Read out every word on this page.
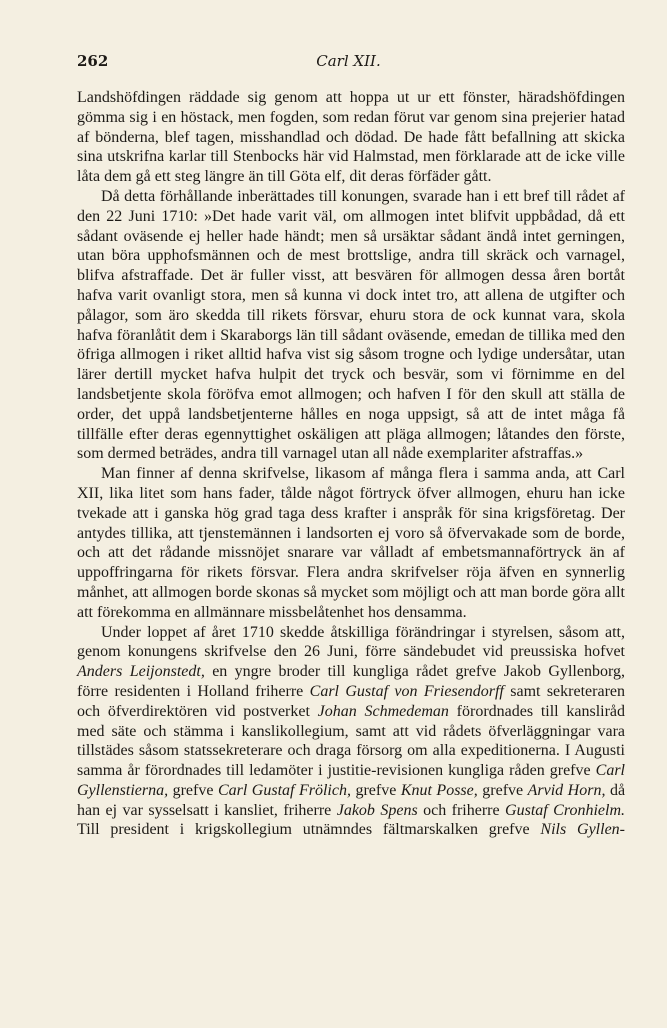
262	Carl XII.

Landshöfdingen räddade sig genom att hoppa ut ur ett fönster, häradshöfdingen gömma sig i en höstack, men fogden, som redan förut var genom sina prejerier hatad af bönderna, blef tagen, misshandlad och dödad. De hade fått befallning att skicka sina utskrifna karlar till Stenbocks här vid Halmstad, men förklarade att de icke ville låta dem gå ett steg längre än till Göta elf, dit deras förfäder gått.

Då detta förhållande inberättades till konungen, svarade han i ett bref till rådet af den 22 Juni 1710: »Det hade varit väl, om allmogen intet blifvit uppbådad, då ett sådant oväsende ej heller hade händt; men så ursäktar sådant ändå intet gerningen, utan böra upphofsmännen och de mest brottslige, andra till skräck och varnagel, blifva afstraffade. Det är fuller visst, att besvären för allmogen dessa åren bortåt hafva varit ovanligt stora, men så kunna vi dock intet tro, att allena de utgifter och pålagor, som äro skedda till rikets försvar, ehuru stora de ock kunnat vara, skola hafva föranlåtit dem i Skaraborgs län till sådant oväsende, emedan de tillika med den öfriga allmogen i riket alltid hafva vist sig såsom trogne och lydige undersåtar, utan lärer dertill mycket hafva hulpit det tryck och besvär, som vi förnimme en del landsbetjente skola föröfva emot allmogen; och hafven I för den skull att ställa de order, det uppå landsbetjenterne hålles en noga uppsigt, så att de intet måga få tillfälle efter deras egennyttighet oskäligen att pläga allmogen; låtandes den förste, som dermed beträdes, andra till varnagel utan all nåde exemplariter afstraffas.»

Man finner af denna skrifvelse, likasom af många flera i samma anda, att Carl XII, lika litet som hans fader, tålde något förtryck öfver allmogen, ehuru han icke tvekade att i ganska hög grad taga dess krafter i anspråk för sina krigsföretag. Der antydes tillika, att tjenstemännen i landsorten ej voro så öfvervakade som de borde, och att det rådande missnöjet snarare var vålladt af embetsmannaförtryck än af uppoffringarna för rikets försvar. Flera andra skrifvelser röja äfven en synnerlig månhet, att allmogen borde skonas så mycket som möjligt och att man borde göra allt att förekomma en allmännare missbelåtenhet hos densamma.

Under loppet af året 1710 skedde åtskilliga förändringar i styrelsen, såsom att, genom konungens skrifvelse den 26 Juni, förre sändebudet vid preussiska hofvet Anders Leijonstedt, en yngre broder till kungliga rådet grefve Jakob Gyllenborg, förre residenten i Holland friherre Carl Gustaf von Friesendorff samt sekreteraren och öfverdirektören vid postverket Johan Schmedeman förordnades till kansliråd med säte och stämma i kanslikollegium, samt att vid rådets öfverläggningar vara tillstädes såsom statssekreterare och draga försorg om alla expeditionerna. I Augusti samma år förordnades till ledamöter i justitie-revisionen kungliga råden grefve Carl Gyllenstierna, grefve Carl Gustaf Frölich, grefve Knut Posse, grefve Arvid Horn, då han ej var sysselsatt i kansliet, friherre Jakob Spens och friherre Gustaf Cronhielm. Till president i krigskollegium utnämndes fältmarskalken grefve Nils Gyllen-
